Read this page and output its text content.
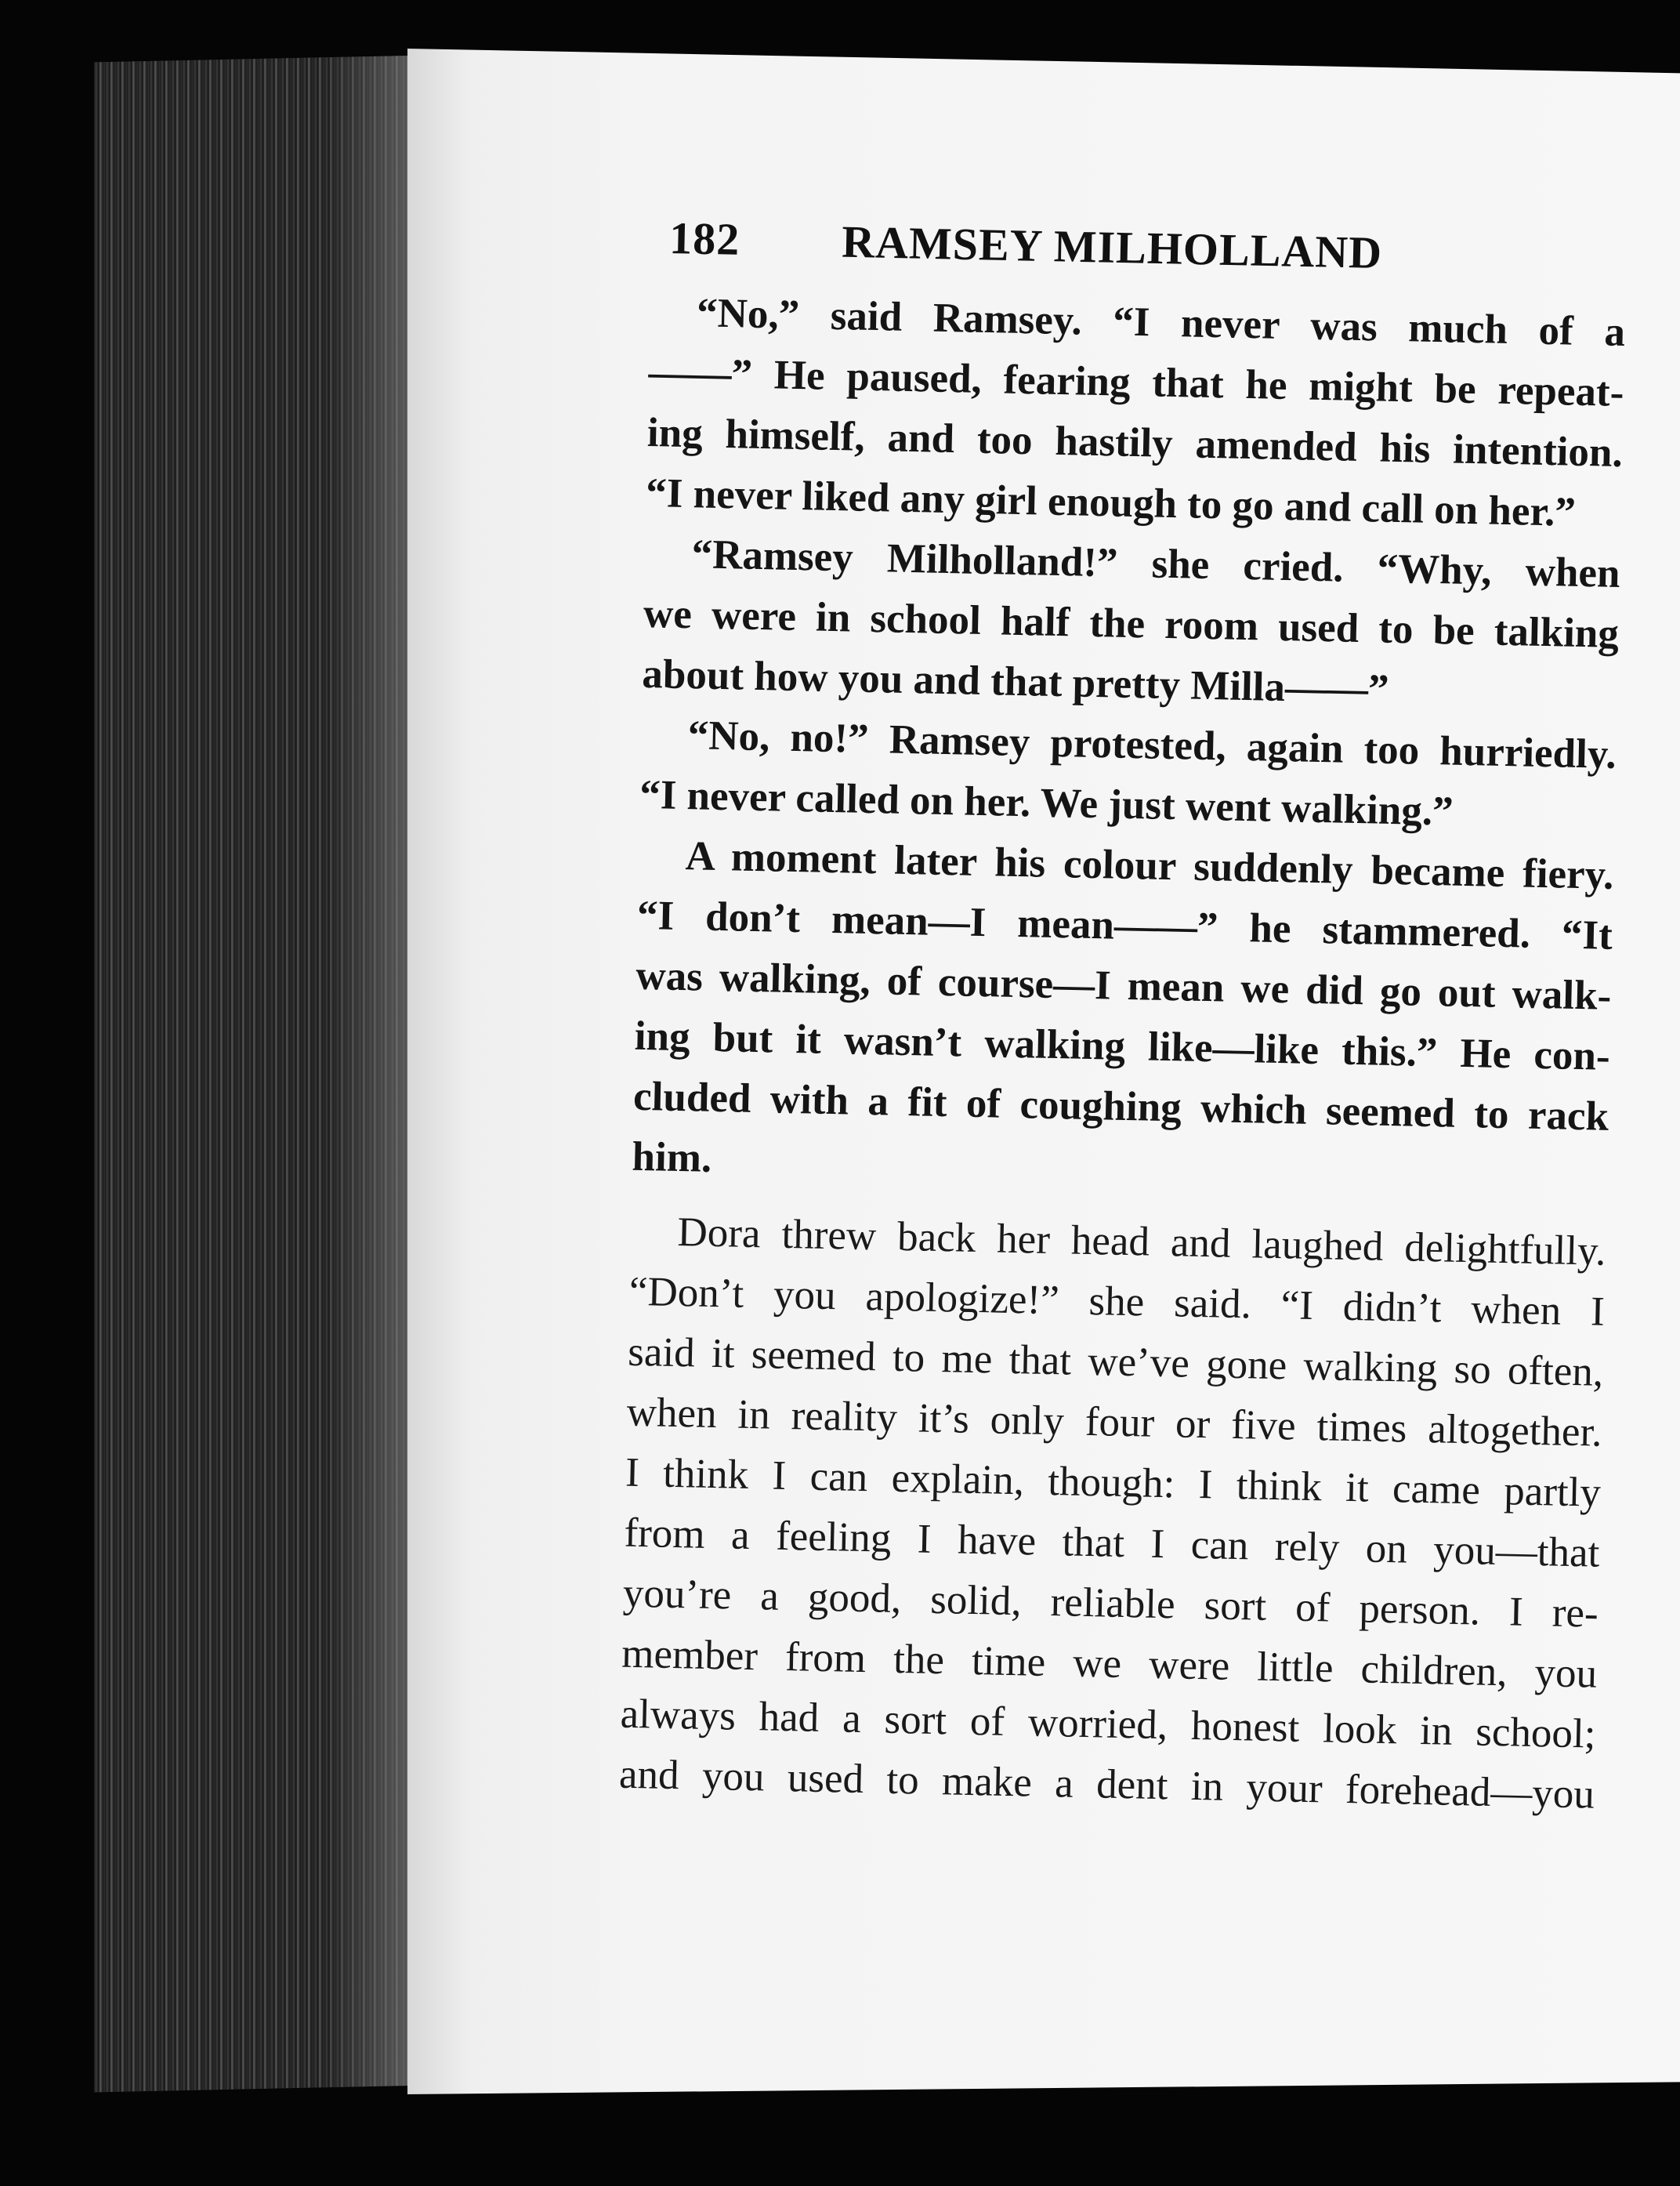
182 RAMSEY MILHOLLAND
“No,” said Ramsey. “I never was much of a
——” He paused, fearing that he might be repeat-
ing himself, and too hastily amended his intention.
“I never liked any girl enough to go and call on her.”
“Ramsey Milholland!” she cried. “Why, when
we were in school half the room used to be talking
about how you and that pretty Milla——”
“No, no!” Ramsey protested, again too hurriedly.
“I never called on her. We just went walking.”
A moment later his colour suddenly became fiery.
“I don’t mean—I mean——” he stammered. “It
was walking, of course—I mean we did go out walk-
ing but it wasn’t walking like—like this.” He con-
cluded with a fit of coughing which seemed to rack
him.
Dora threw back her head and laughed delightfully.
“Don’t you apologize!” she said. “I didn’t when I
said it seemed to me that we’ve gone walking so often,
when in reality it’s only four or five times altogether.
I think I can explain, though: I think it came partly
from a feeling I have that I can rely on you—that
you’re a good, solid, reliable sort of person. I re-
member from the time we were little children, you
always had a sort of worried, honest look in school;
and you used to make a dent in your forehead—you
